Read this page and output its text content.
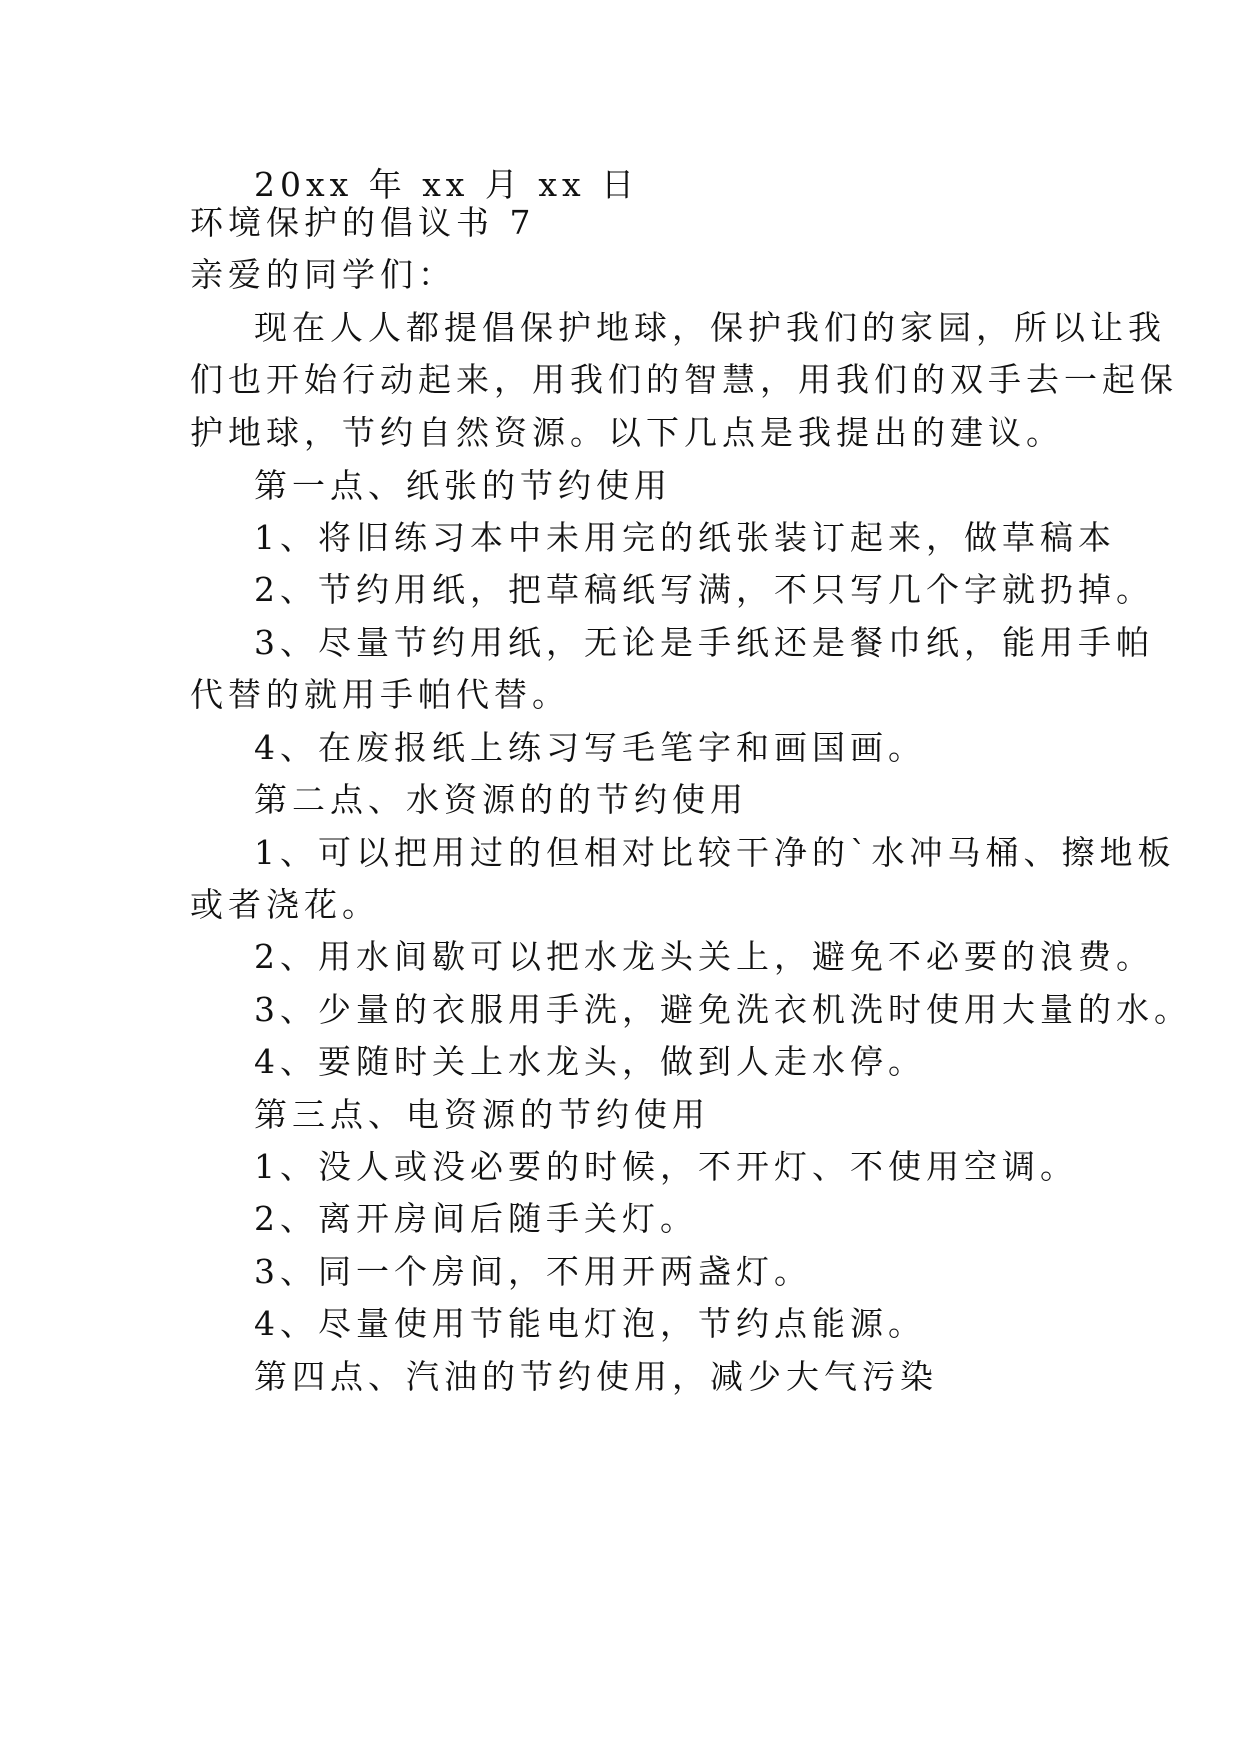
20xx 年 xx 月 xx 日
环境保护的倡议书 7
亲爱的同学们：
现在人人都提倡保护地球，保护我们的家园，所以让我
们也开始行动起来，用我们的智慧，用我们的双手去一起保
护地球，节约自然资源。以下几点是我提出的建议。
第一点、纸张的节约使用
1、将旧练习本中未用完的纸张装订起来，做草稿本
2、节约用纸，把草稿纸写满，不只写几个字就扔掉。
3、尽量节约用纸，无论是手纸还是餐巾纸，能用手帕
代替的就用手帕代替。
4、在废报纸上练习写毛笔字和画国画。
第二点、水资源的的节约使用
1、可以把用过的但相对比较干净的`水冲马桶、擦地板
或者浇花。
2、用水间歇可以把水龙头关上，避免不必要的浪费。
3、少量的衣服用手洗，避免洗衣机洗时使用大量的水。
4、要随时关上水龙头，做到人走水停。
第三点、电资源的节约使用
1、没人或没必要的时候，不开灯、不使用空调。
2、离开房间后随手关灯。
3、同一个房间，不用开两盏灯。
4、尽量使用节能电灯泡，节约点能源。
第四点、汽油的节约使用，减少大气污染
